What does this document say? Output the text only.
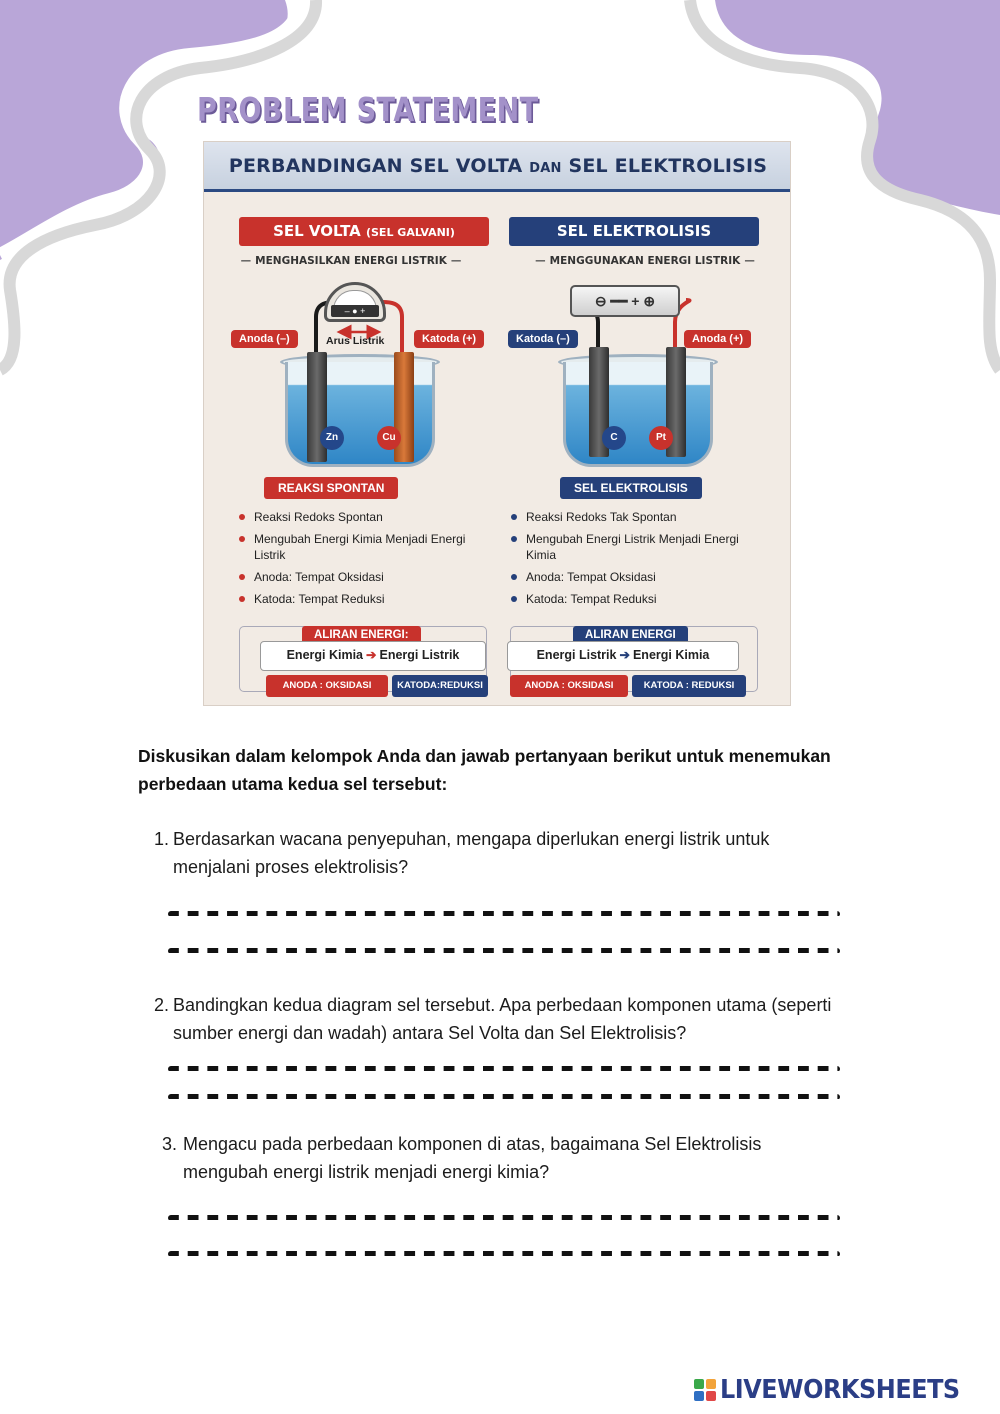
PROBLEM STATEMENT
PERBANDINGAN SEL VOLTA DAN SEL ELEKTROLISIS
SEL VOLTA (SEL GALVANI)
— MENGHASILKAN ENERGI LISTRIK —
– ● +
Anoda (–)	Arus Listrik	Katoda (+)
Zn	Cu
REAKSI SPONTAN
Reaksi Redoks Spontan
Mengubah Energi Kimia Menjadi Energi Listrik
Anoda: Tempat Oksidasi
Katoda: Tempat Reduksi
ALIRAN ENERGI:
Energi Kimia ➔ Energi Listrik
ANODA : OKSIDASI	KATODA:REDUKSI
SEL ELEKTROLISIS
— MENGGUNAKAN ENERGI LISTRIK —
⊖ ━━ + ⊕
Katoda (–)	Anoda (+)
C	Pt
SEL ELEKTROLISIS
Reaksi Redoks Tak Spontan
Mengubah Energi Listrik Menjadi Energi Kimia
Anoda: Tempat Oksidasi
Katoda: Tempat Reduksi
ALIRAN ENERGI
Energi Listrik ➔ Energi Kimia
ANODA : OKSIDASI	KATODA : REDUKSI
Diskusikan dalam kelompok Anda dan jawab pertanyaan berikut untuk menemukan perbedaan utama kedua sel tersebut:
1. Berdasarkan wacana penyepuhan, mengapa diperlukan energi listrik untuk menjalani proses elektrolisis?
2. Bandingkan kedua diagram sel tersebut. Apa perbedaan komponen utama (seperti sumber energi dan wadah) antara Sel Volta dan Sel Elektrolisis?
3. Mengacu pada perbedaan komponen di atas, bagaimana Sel Elektrolisis mengubah energi listrik menjadi energi kimia?
LIVEWORKSHEETS
